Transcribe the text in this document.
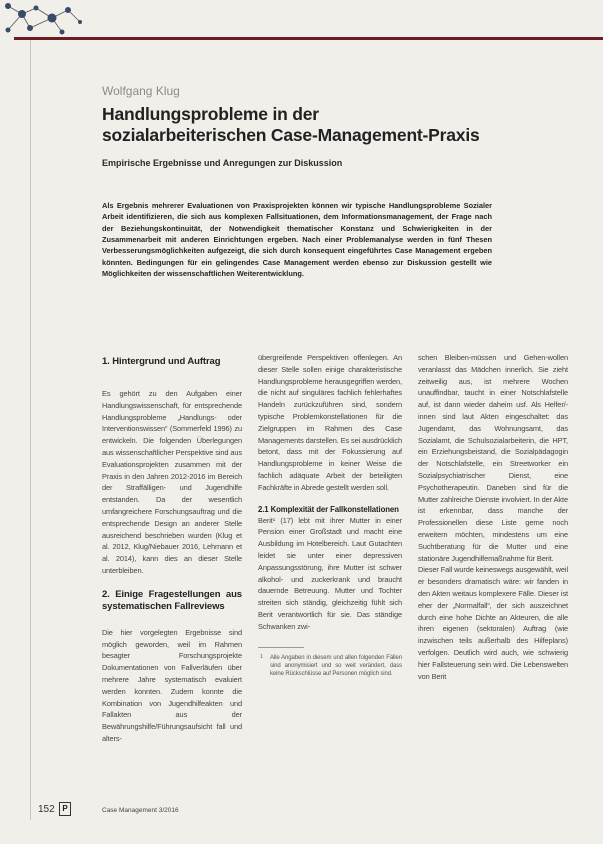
Wolfgang Klug
Handlungsprobleme in der
sozialarbeiterischen Case-Management-Praxis
Empirische Ergebnisse und Anregungen zur Diskussion
Als Ergebnis mehrerer Evaluationen von Praxisprojekten können wir typische Handlungsprobleme Sozialer Arbeit identifizieren, die sich aus komplexen Fallsituationen, dem Informationsmanagement, der Frage nach der Beziehungskontinuität, der Notwendigkeit thematischer Konstanz und Schwierigkeiten in der Zusammenarbeit mit anderen Einrichtungen ergeben. Nach einer Problemanalyse werden in fünf Thesen Verbesserungsmöglichkeiten aufgezeigt, die sich durch konsequent eingeführtes Case Management ergeben könnten. Bedingungen für ein gelingendes Case Management werden ebenso zur Diskussion gestellt wie Möglichkeiten der wissenschaftlichen Weiterentwicklung.
1. Hintergrund und Auftrag

Es gehört zu den Aufgaben einer Handlungswissenschaft, für entsprechende Handlungsprobleme „Handlungs- oder Interventionswissen“ (Sommerfeld 1996) zu entwickeln. Die folgenden Überlegungen aus wissenschaftlicher Perspektive sind aus Evaluationsprojekten zusammen mit der Praxis in den Jahren 2012-2016 im Bereich der Straffälligen- und Jugendhilfe entstanden. Da der wesentlich umfangreichere Forschungsauftrag und die entsprechende Design an anderer Stelle ausreichend beschrieben wurden (Klug et al. 2012, Klug/Niebauer 2016, Lehmann et al. 2014), kann dies an dieser Stelle unterbleiben.

2. Einige Fragestellungen aus systematischen Fallreviews

Die hier vorgelegten Ergebnisse sind möglich geworden, weil im Rahmen besagter Forschungsprojekte Dokumentationen von Fallverläufen über mehrere Jahre systematisch evaluiert werden konnten. Zudem konnte die Kombination von Jugendhilfeakten und Fallakten aus der Bewährungshilfe/Führungsaufsicht fall und alters-

übergreifende Perspektiven offenlegen. An dieser Stelle sollen einige charakteristische Handlungsprobleme herausgegriffen werden, die nicht auf singuläres fachlich fehlerhaftes Handeln zurückzuführen sind, sondern typische Problemkonstellationen für die Zielgruppen im Rahmen des Case Managements darstellen. Es sei ausdrücklich betont, dass mit der Fokussierung auf Handlungsprobleme in keiner Weise die fachlich adäquate Arbeit der beteiligten Fachkräfte in Abrede gestellt werden soll.

2.1 Komplexität der Fallkonstellationen

Berit¹ (17) lebt mit ihrer Mutter in einer Pension einer Großstadt und macht eine Ausbildung im Hotelbereich. Laut Gutachten leidet sie unter einer depressiven Anpassungsstörung, ihre Mutter ist schwer alkohol- und zuckerkrank und braucht dauernde Betreuung. Mutter und Tochter streiten sich ständig, gleichzeitig fühlt sich Berit verantwortlich für sie. Das ständige Schwanken zwi-

1 Alle Angaben in diesem und allen folgenden Fällen sind anonymisiert und so weit verändert, dass keine Rückschlüsse auf Personen möglich sind.

schen Bleiben-müssen und Gehen-wollen veranlasst das Mädchen innerlich. Sie zieht zeitweilig aus, ist mehrere Wochen unauffindbar, taucht in einer Notschlafstelle auf, ist dann wieder daheim usf. Als Helfer/-innen sind laut Akten eingeschaltet: das Jugendamt, das Wohnungsamt, das Sozialamt, die Schulsozialarbeiterin, die HPT, ein Erziehungsbeistand, die Sozialpädagogin der Notschlafstelle, ein Streetworker ein Sozialpsychiatrischer Dienst, eine Psychotherapeutin. Daneben sind für die Mutter zahlreiche Dienste involviert. In der Akte ist erkennbar, dass manche der Professionellen diese Liste gerne noch erweitern möchten, mindestens um eine Suchtberatung für die Mutter und eine stationäre Jugendhilfemaßnahme für Berit.

Dieser Fall wurde keineswegs ausgewählt, weil er besonders dramatisch wäre: wir fanden in den Akten weitaus komplexere Fälle. Dieser ist eher der „Normalfall“, der sich auszeichnet durch eine hohe Dichte an Akteuren, die alle ihren eigenen (sektoralen) Auftrag (wie inzwischen teils außerhalb des Hilfeplans) verfolgen. Deutlich wird auch, wie schwierig hier Fallsteuerung sein wird. Die Lebenswelten von Berit

152 P	Case Management 3/2016
